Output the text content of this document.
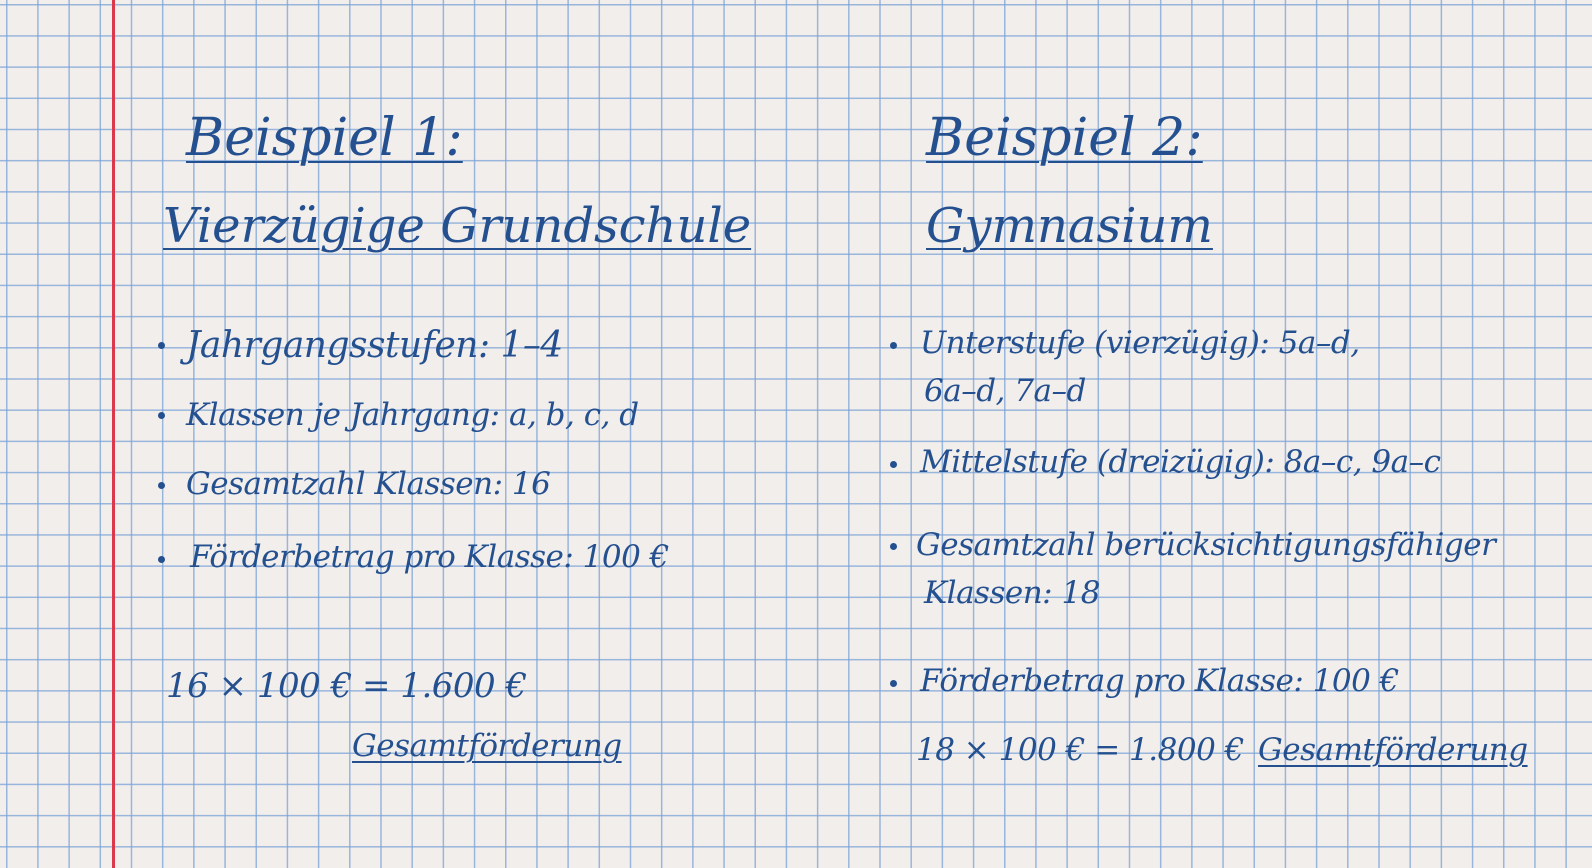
Beispiel 1:
Vierzügige Grundschule
Jahrgangsstufen: 1–4
Klassen je Jahrgang: a, b, c, d
Gesamtzahl Klassen: 16
Förderbetrag pro Klasse: 100 €
16 × 100 € = 1.600 €
Gesamtförderung
Beispiel 2:
Gymnasium
Unterstufe (vierzügig): 5a–d,
6a–d, 7a–d
Mittelstufe (dreizügig): 8a–c, 9a–c
Gesamtzahl berücksichtigungsfähiger
Klassen: 18
Förderbetrag pro Klasse: 100 €
18 × 100 € = 1.800 € Gesamtförderung
